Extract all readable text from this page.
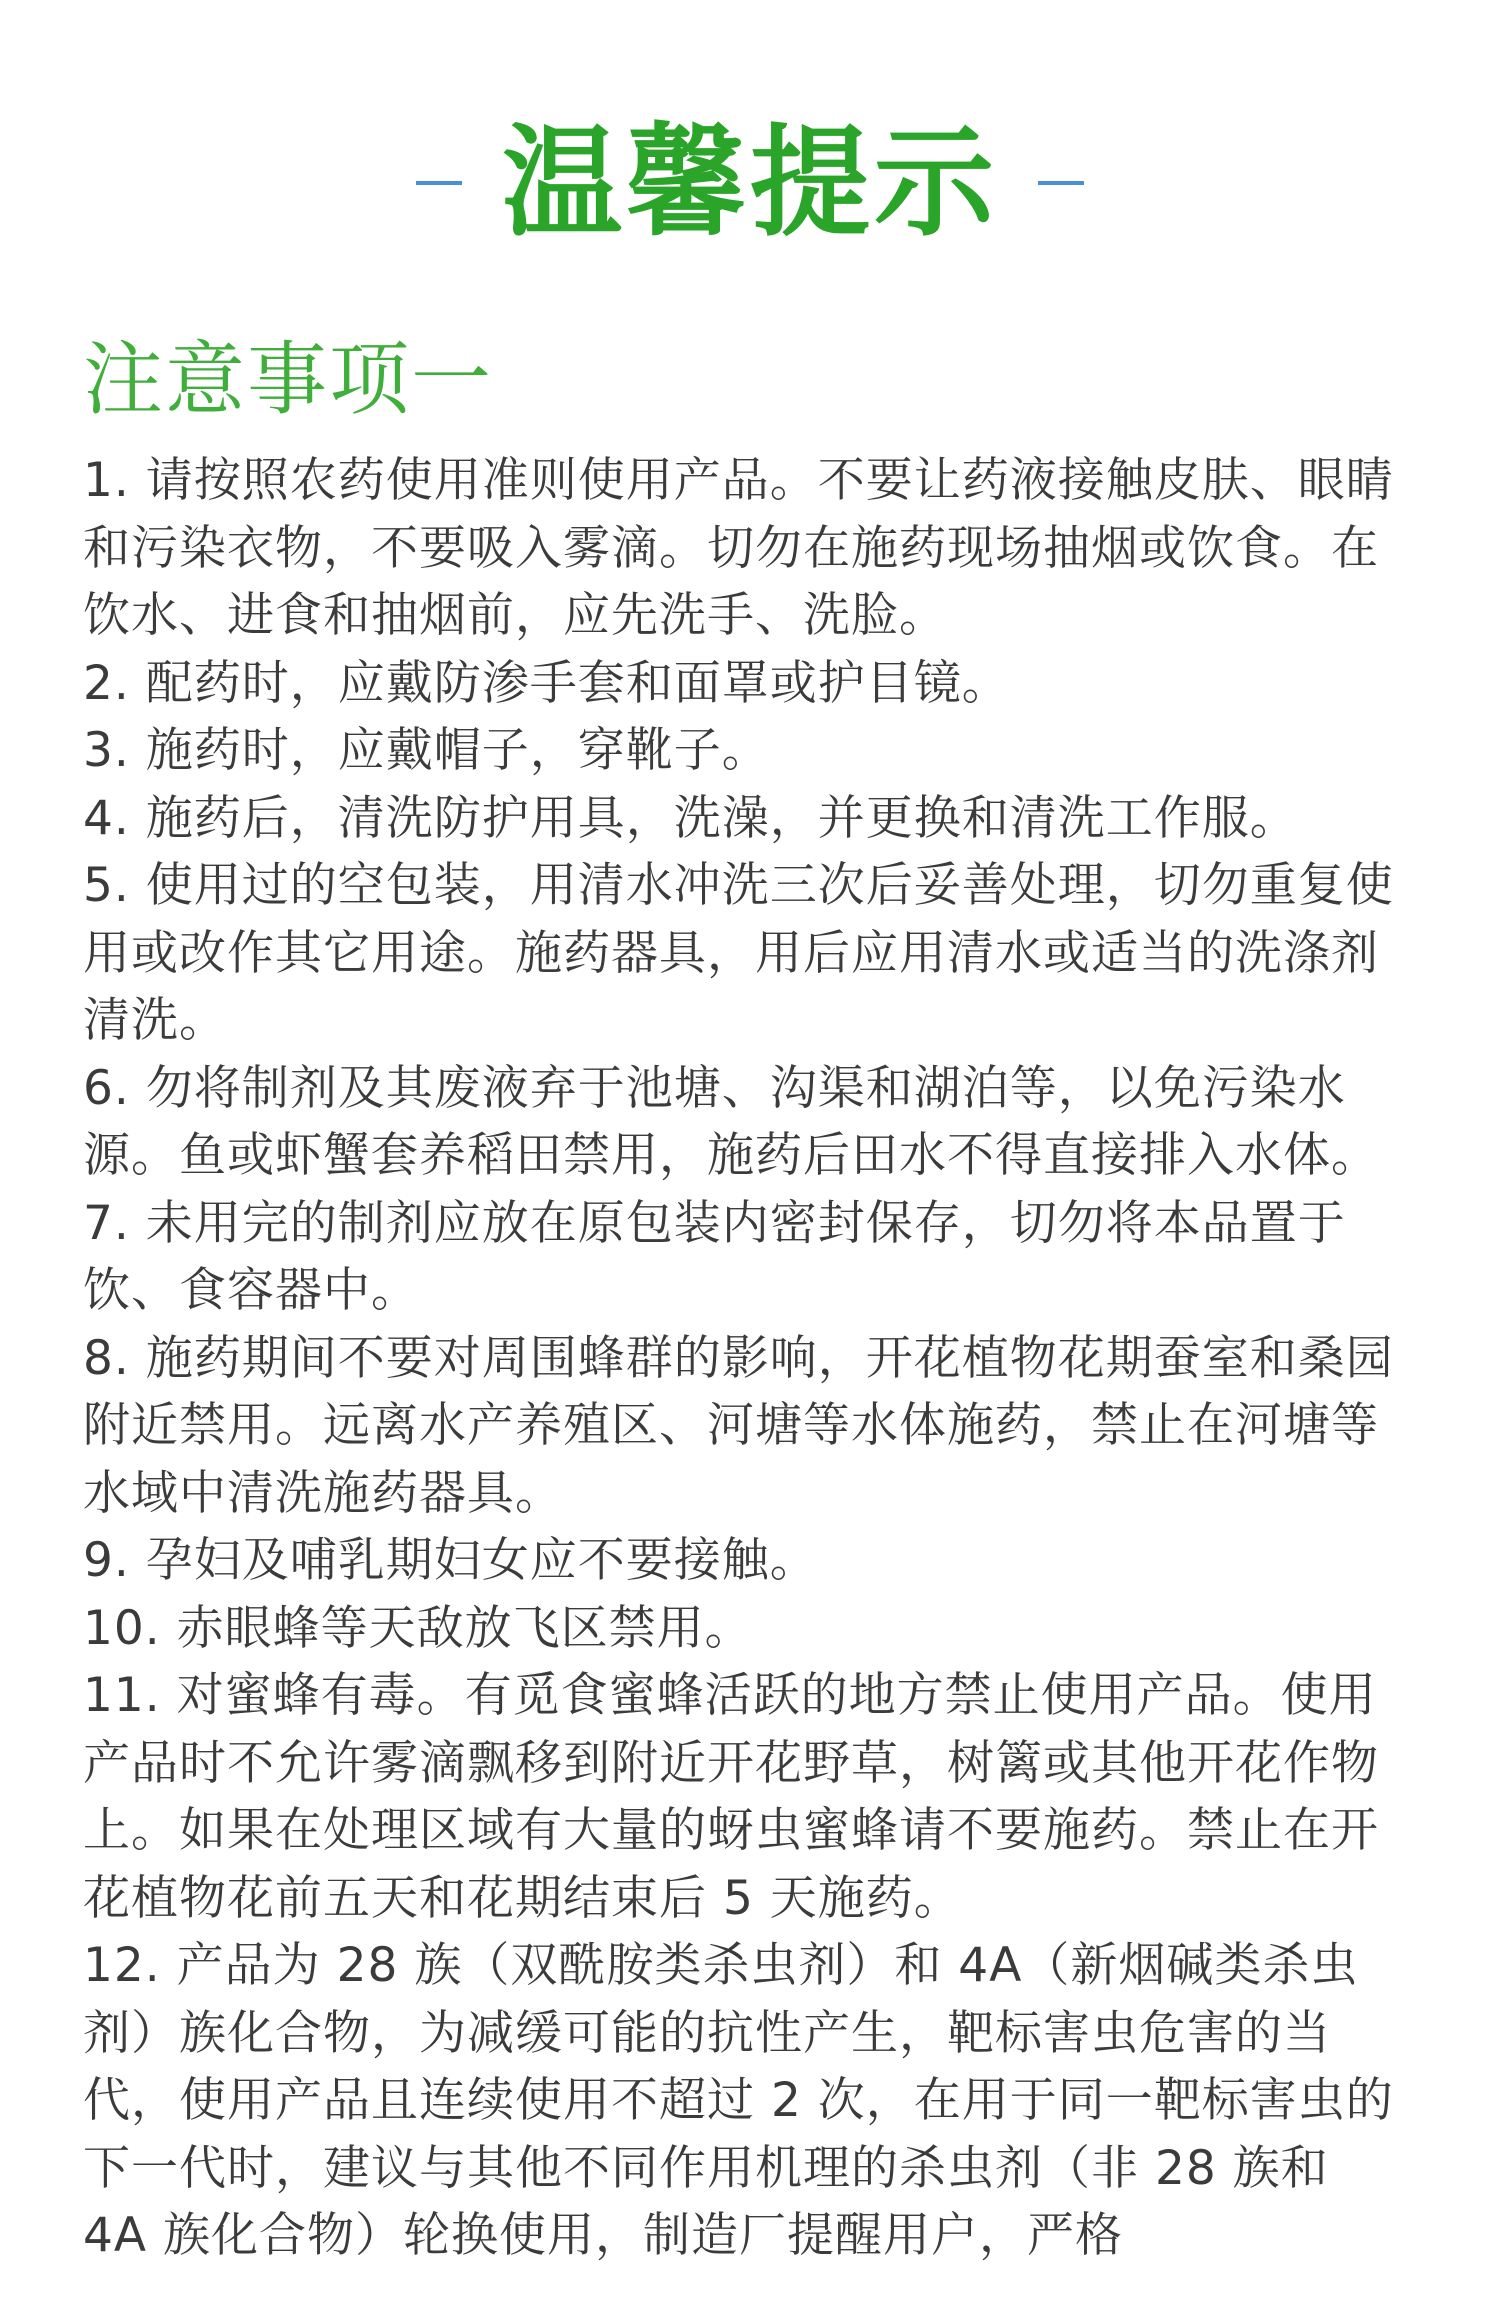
温馨提示
注意事项一

1. 请按照农药使用准则使用产品。不要让药液接触皮肤、眼睛和污染衣物，不要吸入雾滴。切勿在施药现场抽烟或饮食。在饮水、进食和抽烟前，应先洗手、洗脸。

2. 配药时，应戴防渗手套和面罩或护目镜。

3. 施药时，应戴帽子，穿靴子。

4. 施药后，清洗防护用具，洗澡，并更换和清洗工作服。

5. 使用过的空包装，用清水冲洗三次后妥善处理，切勿重复使用或改作其它用途。施药器具，用后应用清水或适当的洗涤剂清洗。

6. 勿将制剂及其废液弃于池塘、沟渠和湖泊等，以免污染水源。鱼或虾蟹套养稻田禁用，施药后田水不得直接排入水体。

7. 未用完的制剂应放在原包装内密封保存，切勿将本品置于饮、食容器中。

8. 施药期间不要对周围蜂群的影响，开花植物花期蚕室和桑园附近禁用。远离水产养殖区、河塘等水体施药，禁止在河塘等水域中清洗施药器具。

9. 孕妇及哺乳期妇女应不要接触。

10. 赤眼蜂等天敌放飞区禁用。

11. 对蜜蜂有毒。有觅食蜜蜂活跃的地方禁止使用产品。使用产品时不允许雾滴飘移到附近开花野草，树篱或其他开花作物上。如果在处理区域有大量的蚜虫蜜蜂请不要施药。禁止在开花植物花前五天和花期结束后 5 天施药。

12. 产品为 28 族（双酰胺类杀虫剂）和 4A（新烟碱类杀虫剂）族化合物，为减缓可能的抗性产生，靶标害虫危害的当代，使用产品且连续使用不超过 2 次，在用于同一靶标害虫的下一代时，建议与其他不同作用机理的杀虫剂（非 28 族和 4A 族化合物）轮换使用，制造厂提醒用户，严格
